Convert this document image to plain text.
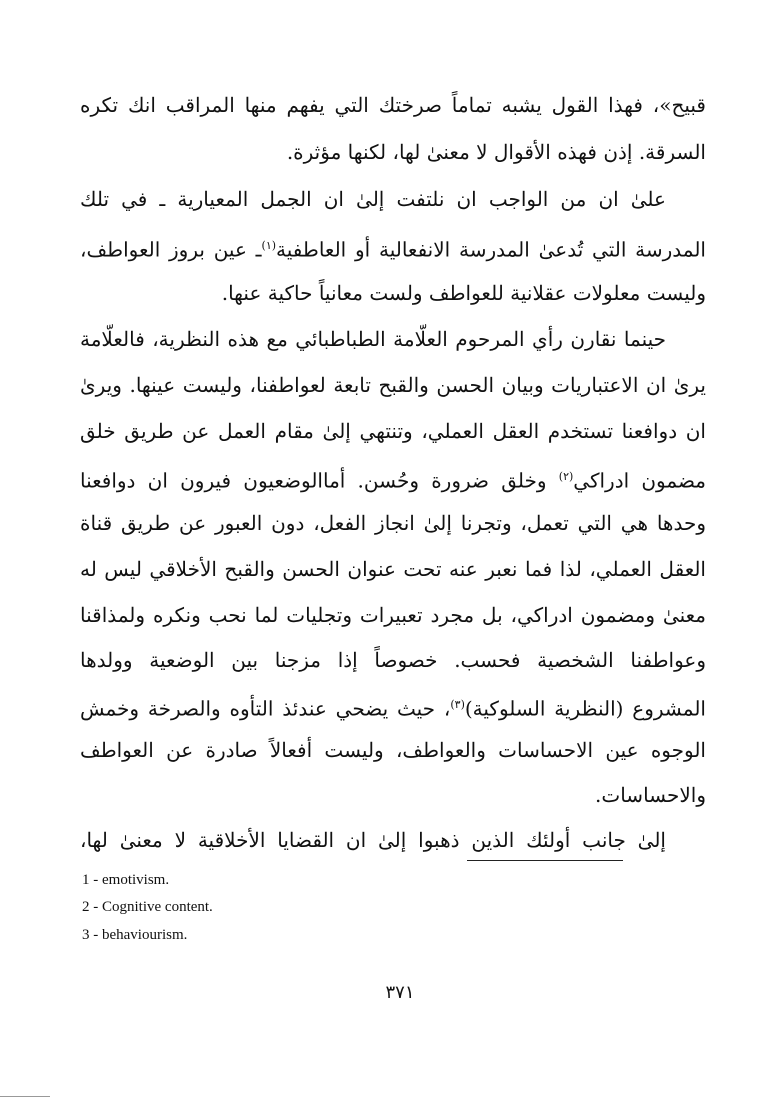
قبيح»، فهذا القول يشبه تماماً صرختك التي يفهم منها المراقب انك تكره
السرقة. إذن فهذه الأقوال لا معنىٰ لها، لكنها مؤثرة.
علىٰ ان من الواجب ان نلتفت إلىٰ ان الجمل المعيارية ـ في تلك
المدرسة التي تُدعىٰ المدرسة الانفعالية أو العاطفية$^{(١)}$ـ عين بروز العواطف،
وليست معلولات عقلانية للعواطف ولست معانياً حاكية عنها.
حينما نقارن رأي المرحوم العلّامة الطباطبائي مع هذه النظرية، فالعلّامة
يرىٰ ان الاعتباريات وبيان الحسن والقبح تابعة لعواطفنا، وليست عينها. ويرىٰ
ان دوافعنا تستخدم العقل العملي، وتنتهي إلىٰ مقام العمل عن طريق خلق
مضمون ادراكي$^{(٢)}$ وخلق ضرورة وحُسن. أماالوضعيون فيرون ان دوافعنا
وحدها هي التي تعمل، وتجرنا إلىٰ انجاز الفعل، دون العبور عن طريق قناة
العقل العملي، لذا فما نعبر عنه تحت عنوان الحسن والقبح الأخلاقي ليس له
معنىٰ ومضمون ادراكي، بل مجرد تعبيرات وتجليات لما نحب ونكره ولمذاقنا
وعواطفنا الشخصية فحسب. خصوصاً إذا مزجنا بين الوضعية وولدها
المشروع (النظرية السلوكية)$^{(٣)}$، حيث يضحي عندئذ التأوه والصرخة وخمش
الوجوه عين الاحساسات والعواطف، وليست أفعالاً صادرة عن العواطف
والاحساسات.
إلىٰ جانب أولئك الذين ذهبوا إلىٰ ان القضايا الأخلاقية لا معنىٰ لها،
1 - emotivism.
2 - Cognitive content.
3 - behaviourism.
٣٧١
